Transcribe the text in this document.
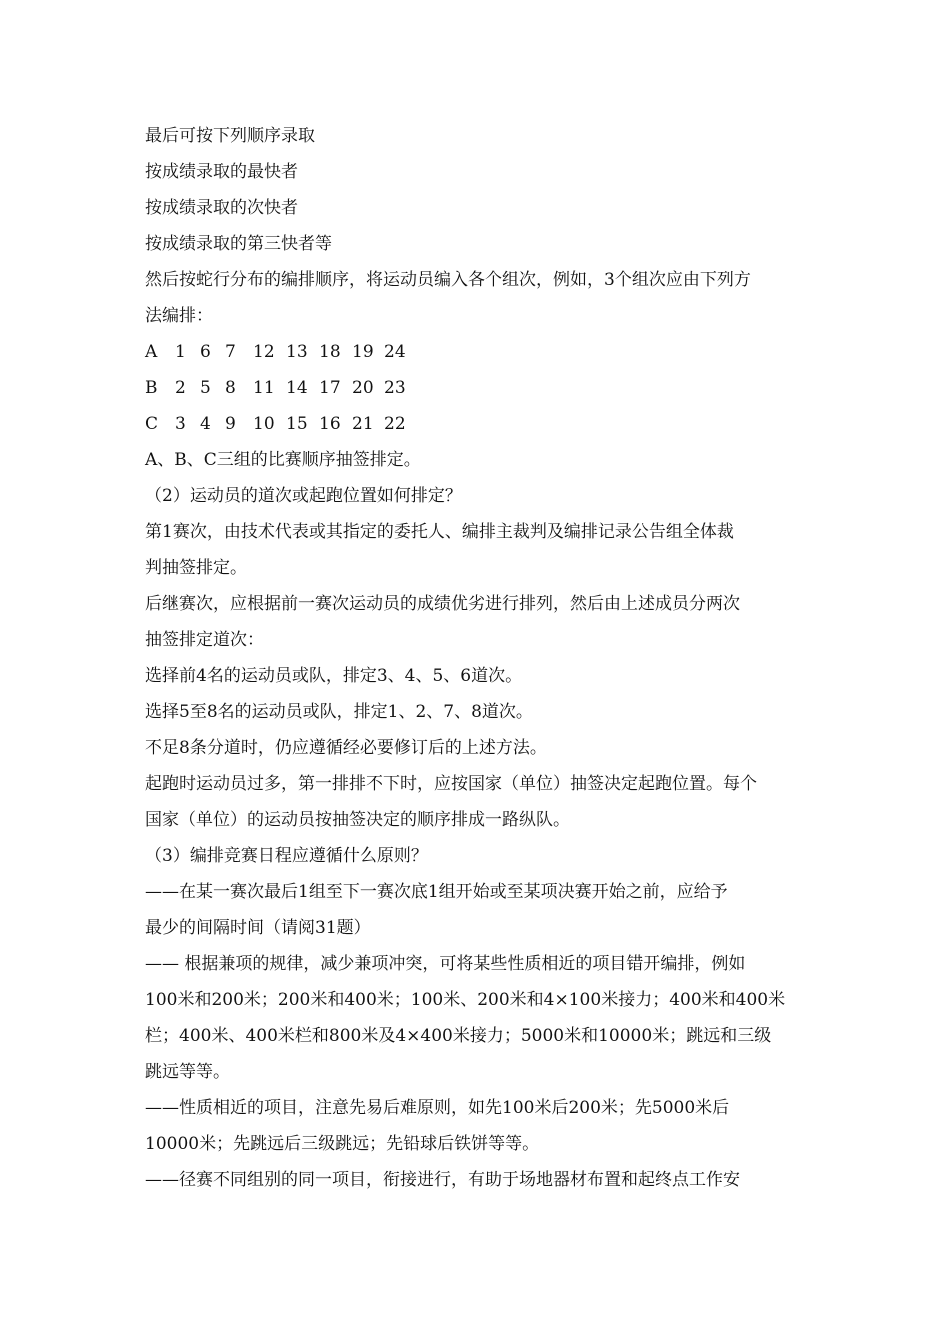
最后可按下列顺序录取
按成绩录取的最快者
按成绩录取的次快者
按成绩录取的第三快者等
然后按蛇行分布的编排顺序，将运动员编入各个组次，例如，3个组次应由下列方
法编排：
A	1 6 7	12 13 18 19 24
B	2 5 8	11 14 17 20 23
C 3 4 9	10 15 16 21 22
A、B、C三组的比赛顺序抽签排定。
（2）运动员的道次或起跑位置如何排定？
第1赛次，由技术代表或其指定的委托人、编排主裁判及编排记录公告组全体裁
判抽签排定。
后继赛次，应根据前一赛次运动员的成绩优劣进行排列，然后由上述成员分两次
抽签排定道次：
选择前4名的运动员或队，排定3、4、5、6道次。
选择5至8名的运动员或队，排定1、2、7、8道次。
不足8条分道时，仍应遵循经必要修订后的上述方法。
起跑时运动员过多，第一排排不下时，应按国家（单位）抽签决定起跑位置。每个
国家（单位）的运动员按抽签决定的顺序排成一路纵队。
（3）编排竞赛日程应遵循什么原则？
——在某一赛次最后1组至下一赛次底1组开始或至某项决赛开始之前，应给予
最少的间隔时间（请阅31题）
—— 根据兼项的规律，减少兼项冲突，可将某些性质相近的项目错开编排，例如
100米和200米；200米和400米；100米、200米和4×100米接力；400米和400米
栏；400米、400米栏和800米及4×400米接力；5000米和10000米；跳远和三级
跳远等等。
——性质相近的项目，注意先易后难原则，如先100米后200米；先5000米后
10000米；先跳远后三级跳远；先铅球后铁饼等等。
——径赛不同组别的同一项目，衔接进行，有助于场地器材布置和起终点工作安
